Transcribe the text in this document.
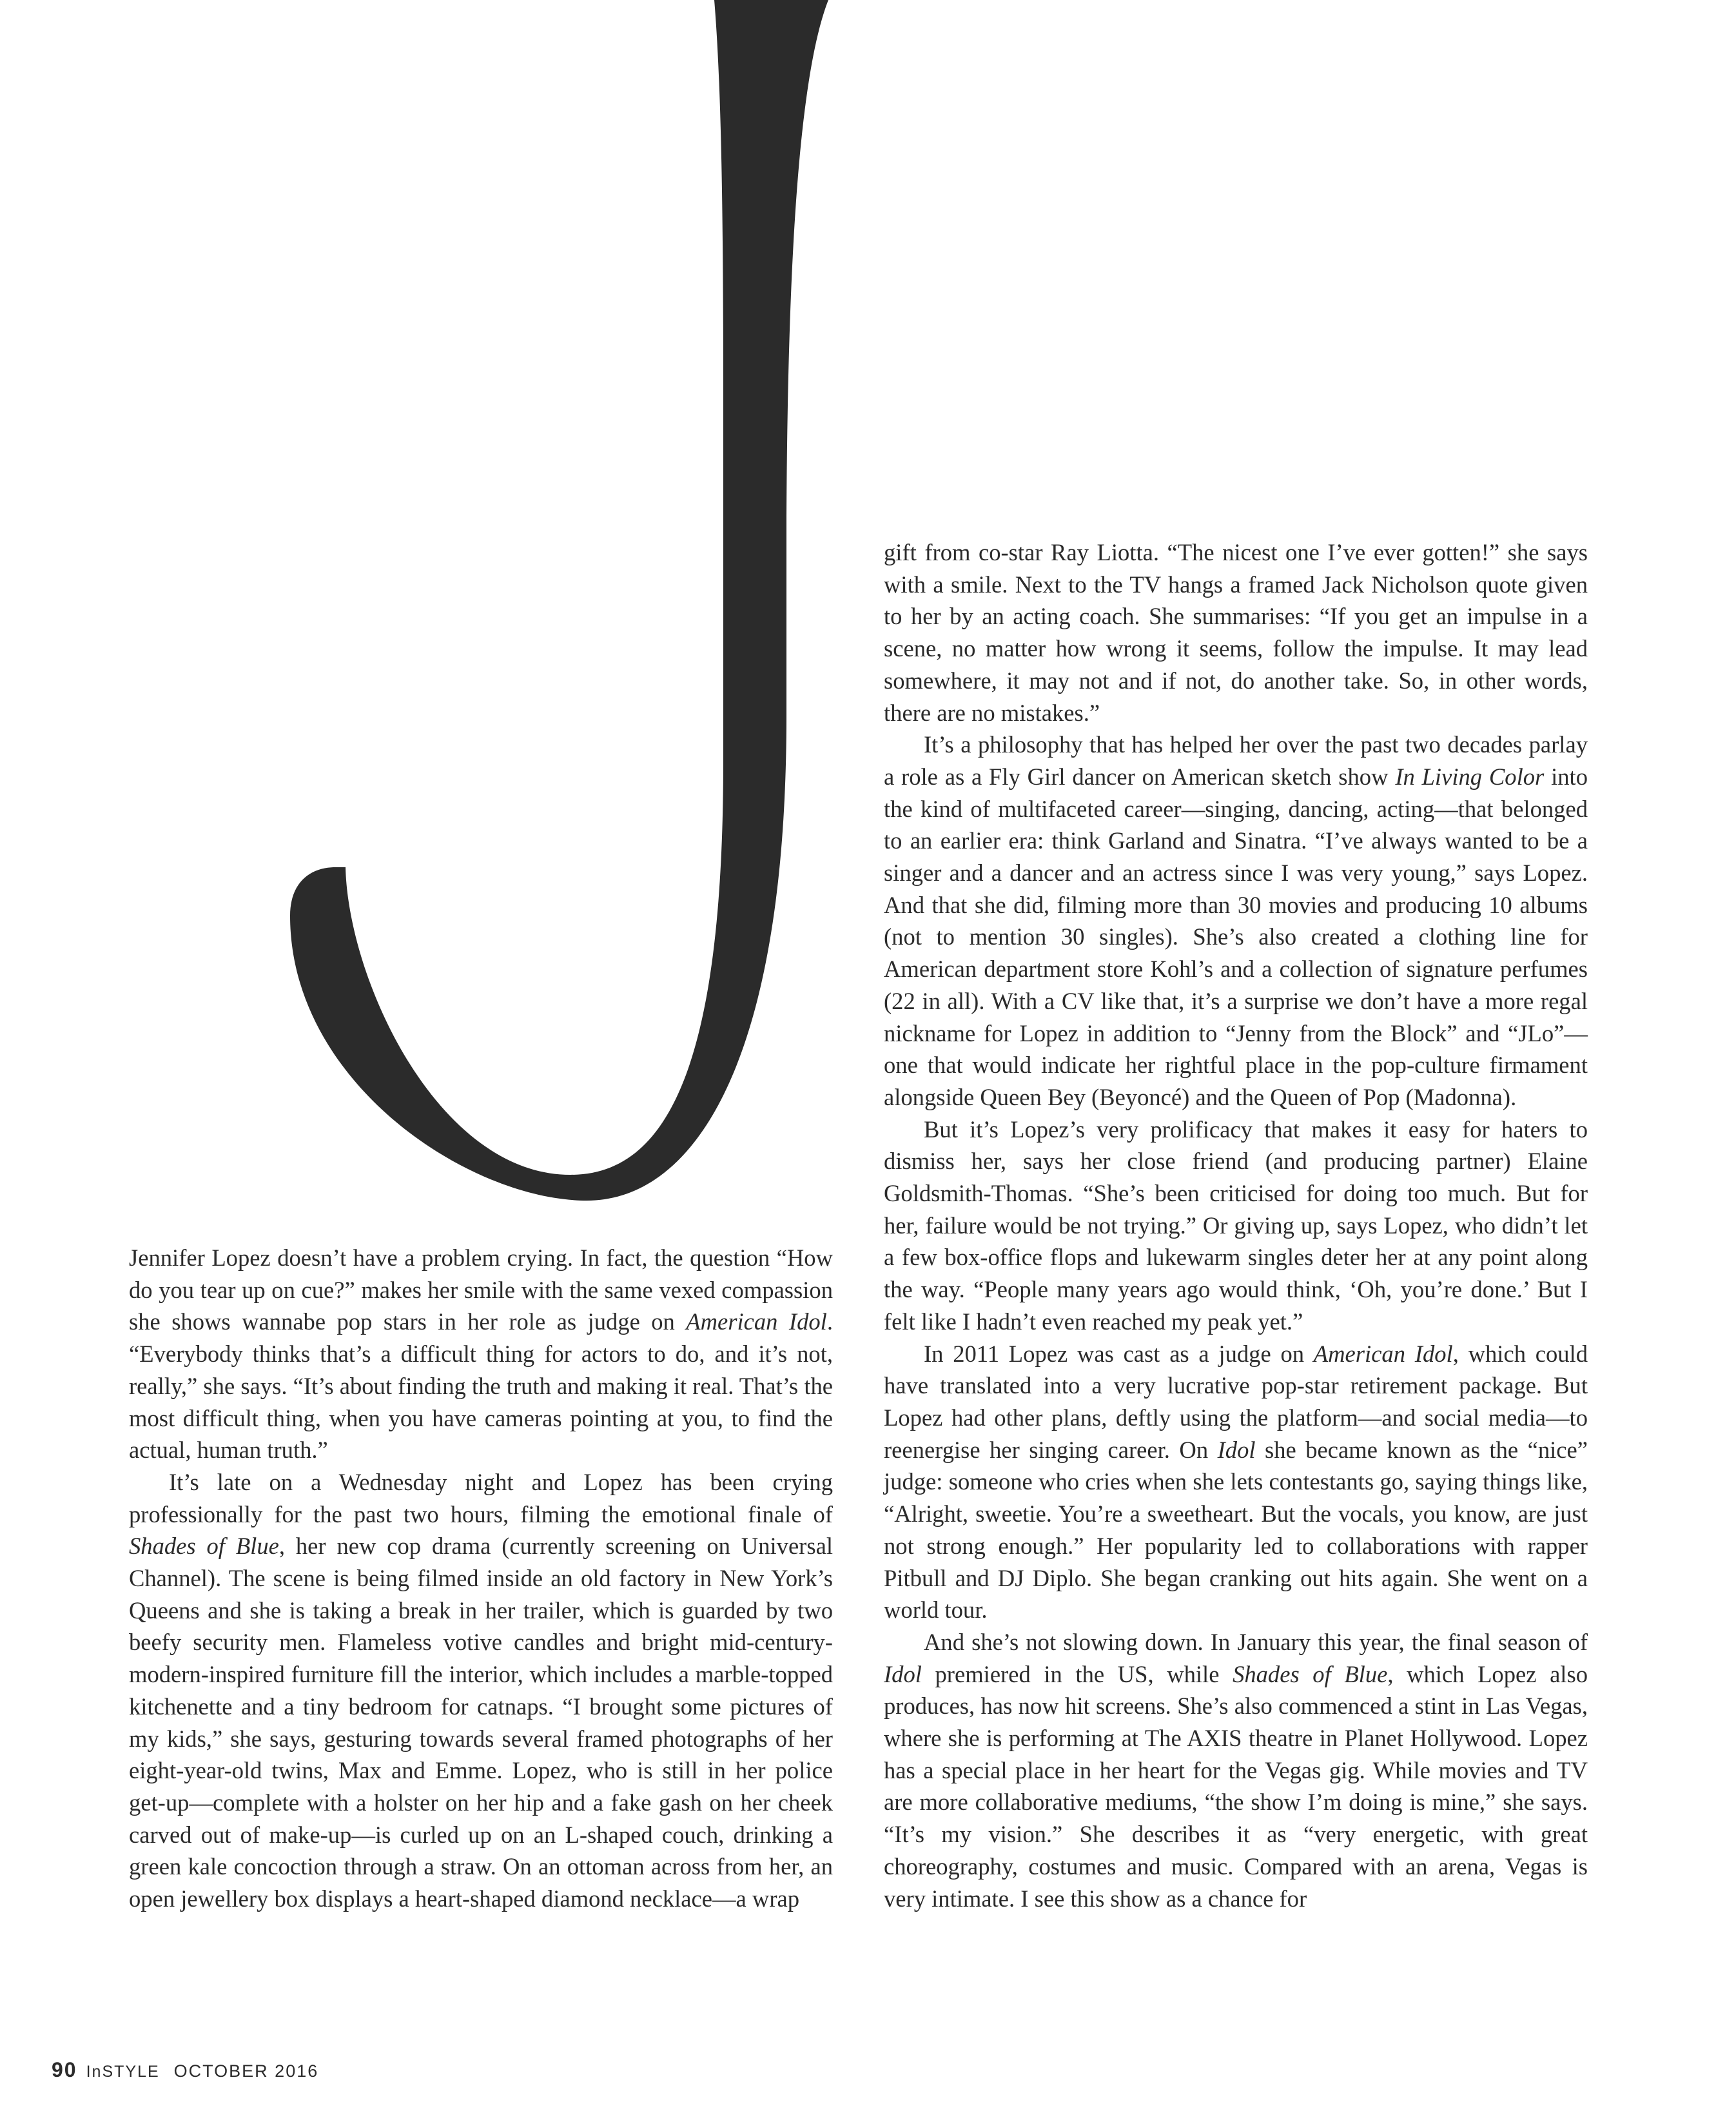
Jennifer Lopez doesn’t have a problem crying. In fact, the question “How do you tear up on cue?” makes her smile with the same vexed compassion she shows wannabe pop stars in her role as judge on American Idol. “Everybody thinks that’s a difficult thing for actors to do, and it’s not, really,” she says. “It’s about finding the truth and making it real. That’s the most difficult thing, when you have cameras pointing at you, to find the actual, human truth.”

It’s late on a Wednesday night and Lopez has been crying professionally for the past two hours, filming the emotional finale of Shades of Blue, her new cop drama (currently screening on Universal Channel). The scene is being filmed inside an old factory in New York’s Queens and she is taking a break in her trailer, which is guarded by two beefy security men. Flameless votive candles and bright mid-century-modern-inspired furniture fill the interior, which includes a marble-topped kitchenette and a tiny bedroom for catnaps. “I brought some pictures of my kids,” she says, gesturing towards several framed photographs of her eight-year-old twins, Max and Emme. Lopez, who is still in her police get-up—complete with a holster on her hip and a fake gash on her cheek carved out of make-up—is curled up on an L-shaped couch, drinking a green kale concoction through a straw. On an ottoman across from her, an open jewellery box displays a heart-shaped diamond necklace—a wrap

gift from co-star Ray Liotta. “The nicest one I’ve ever gotten!” she says with a smile. Next to the TV hangs a framed Jack Nicholson quote given to her by an acting coach. She summarises: “If you get an impulse in a scene, no matter how wrong it seems, follow the impulse. It may lead somewhere, it may not and if not, do another take. So, in other words, there are no mistakes.”

It’s a philosophy that has helped her over the past two decades parlay a role as a Fly Girl dancer on American sketch show In Living Color into the kind of multifaceted career—singing, dancing, acting—that belonged to an earlier era: think Garland and Sinatra. “I’ve always wanted to be a singer and a dancer and an actress since I was very young,” says Lopez. And that she did, filming more than 30 movies and producing 10 albums (not to mention 30 singles). She’s also created a clothing line for American department store Kohl’s and a collection of signature perfumes (22 in all). With a CV like that, it’s a surprise we don’t have a more regal nickname for Lopez in addition to “Jenny from the Block” and “JLo”—one that would indicate her rightful place in the pop-culture firmament alongside Queen Bey (Beyoncé) and the Queen of Pop (Madonna).

But it’s Lopez’s very prolificacy that makes it easy for haters to dismiss her, says her close friend (and producing partner) Elaine Goldsmith-Thomas. “She’s been criticised for doing too much. But for her, failure would be not trying.” Or giving up, says Lopez, who didn’t let a few box-office flops and lukewarm singles deter her at any point along the way. “People many years ago would think, ‘Oh, you’re done.’ But I felt like I hadn’t even reached my peak yet.”

In 2011 Lopez was cast as a judge on American Idol, which could have translated into a very lucrative pop-star retirement package. But Lopez had other plans, deftly using the platform—and social media—to reenergise her singing career. On Idol she became known as the “nice” judge: someone who cries when she lets contestants go, saying things like, “Alright, sweetie. You’re a sweetheart. But the vocals, you know, are just not strong enough.” Her popularity led to collaborations with rapper Pitbull and DJ Diplo. She began cranking out hits again. She went on a world tour.

And she’s not slowing down. In January this year, the final season of Idol premiered in the US, while Shades of Blue, which Lopez also produces, has now hit screens. She’s also commenced a stint in Las Vegas, where she is performing at The AXIS theatre in Planet Hollywood. Lopez has a special place in her heart for the Vegas gig. While movies and TV are more collaborative mediums, “the show I’m doing is mine,” she says. “It’s my vision.” She describes it as “very energetic, with great choreography, costumes and music. Compared with an arena, Vegas is very intimate. I see this show as a chance for

90 InSTYLE OCTOBER 2016
